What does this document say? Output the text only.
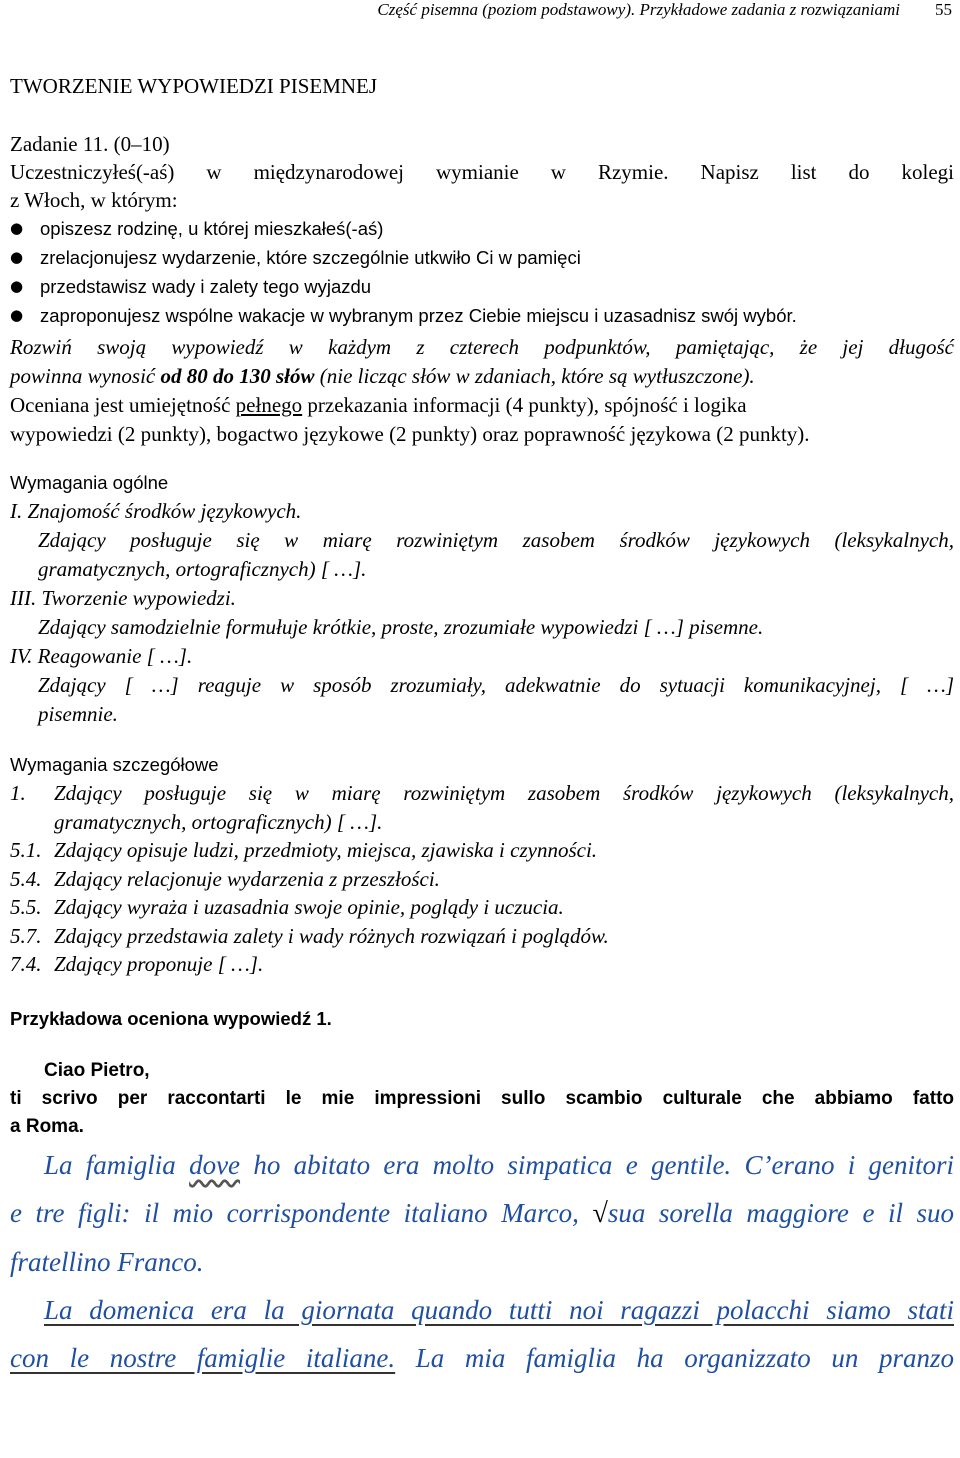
Część pisemna (poziom podstawowy). Przykładowe zadania z rozwiązaniami 55
TWORZENIE WYPOWIEDZI PISEMNEJ
Zadanie 11. (0–10)
Uczestniczyłeś(-aś) w międzynarodowej wymianie w Rzymie. Napisz list do kolegi
z Włoch, w którym:
● opiszesz rodzinę, u której mieszkałeś(-aś)
● zrelacjonujesz wydarzenie, które szczególnie utkwiło Ci w pamięci
● przedstawisz wady i zalety tego wyjazdu
● zaproponujesz wspólne wakacje w wybranym przez Ciebie miejscu i uzasadnisz swój wybór.
Rozwiń swoją wypowiedź w każdym z czterech podpunktów, pamiętając, że jej długość
powinna wynosić od 80 do 130 słów (nie licząc słów w zdaniach, które są wytłuszczone).
Oceniana jest umiejętność pełnego przekazania informacji (4 punkty), spójność i logika
wypowiedzi (2 punkty), bogactwo językowe (2 punkty) oraz poprawność językowa (2 punkty).
Wymagania ogólne
I. Znajomość środków językowych.
Zdający posługuje się w miarę rozwiniętym zasobem środków językowych (leksykalnych,
gramatycznych, ortograficznych) [ …].
III. Tworzenie wypowiedzi.
Zdający samodzielnie formułuje krótkie, proste, zrozumiałe wypowiedzi [ …] pisemne.
IV. Reagowanie [ …].
Zdający [ …] reaguje w sposób zrozumiały, adekwatnie do sytuacji komunikacyjnej, [ …]
pisemnie.
Wymagania szczegółowe
1. Zdający posługuje się w miarę rozwiniętym zasobem środków językowych (leksykalnych,
gramatycznych, ortograficznych) [ …].
5.1. Zdający opisuje ludzi, przedmioty, miejsca, zjawiska i czynności.
5.4. Zdający relacjonuje wydarzenia z przeszłości.
5.5. Zdający wyraża i uzasadnia swoje opinie, poglądy i uczucia.
5.7. Zdający przedstawia zalety i wady różnych rozwiązań i poglądów.
7.4. Zdający proponuje [ …].
Przykładowa oceniona wypowiedź 1.
Ciao Pietro,
ti scrivo per raccontarti le mie impressioni sullo scambio culturale che abbiamo fatto
a Roma.
La famiglia dove ho abitato era molto simpatica e gentile. C’erano i genitori
e tre figli: il mio corrispondente italiano Marco, √sua sorella maggiore e il suo
fratellino Franco.
La domenica era la giornata quando tutti noi ragazzi polacchi siamo stati
con le nostre famiglie italiane. La mia famiglia ha organizzato un pranzo
